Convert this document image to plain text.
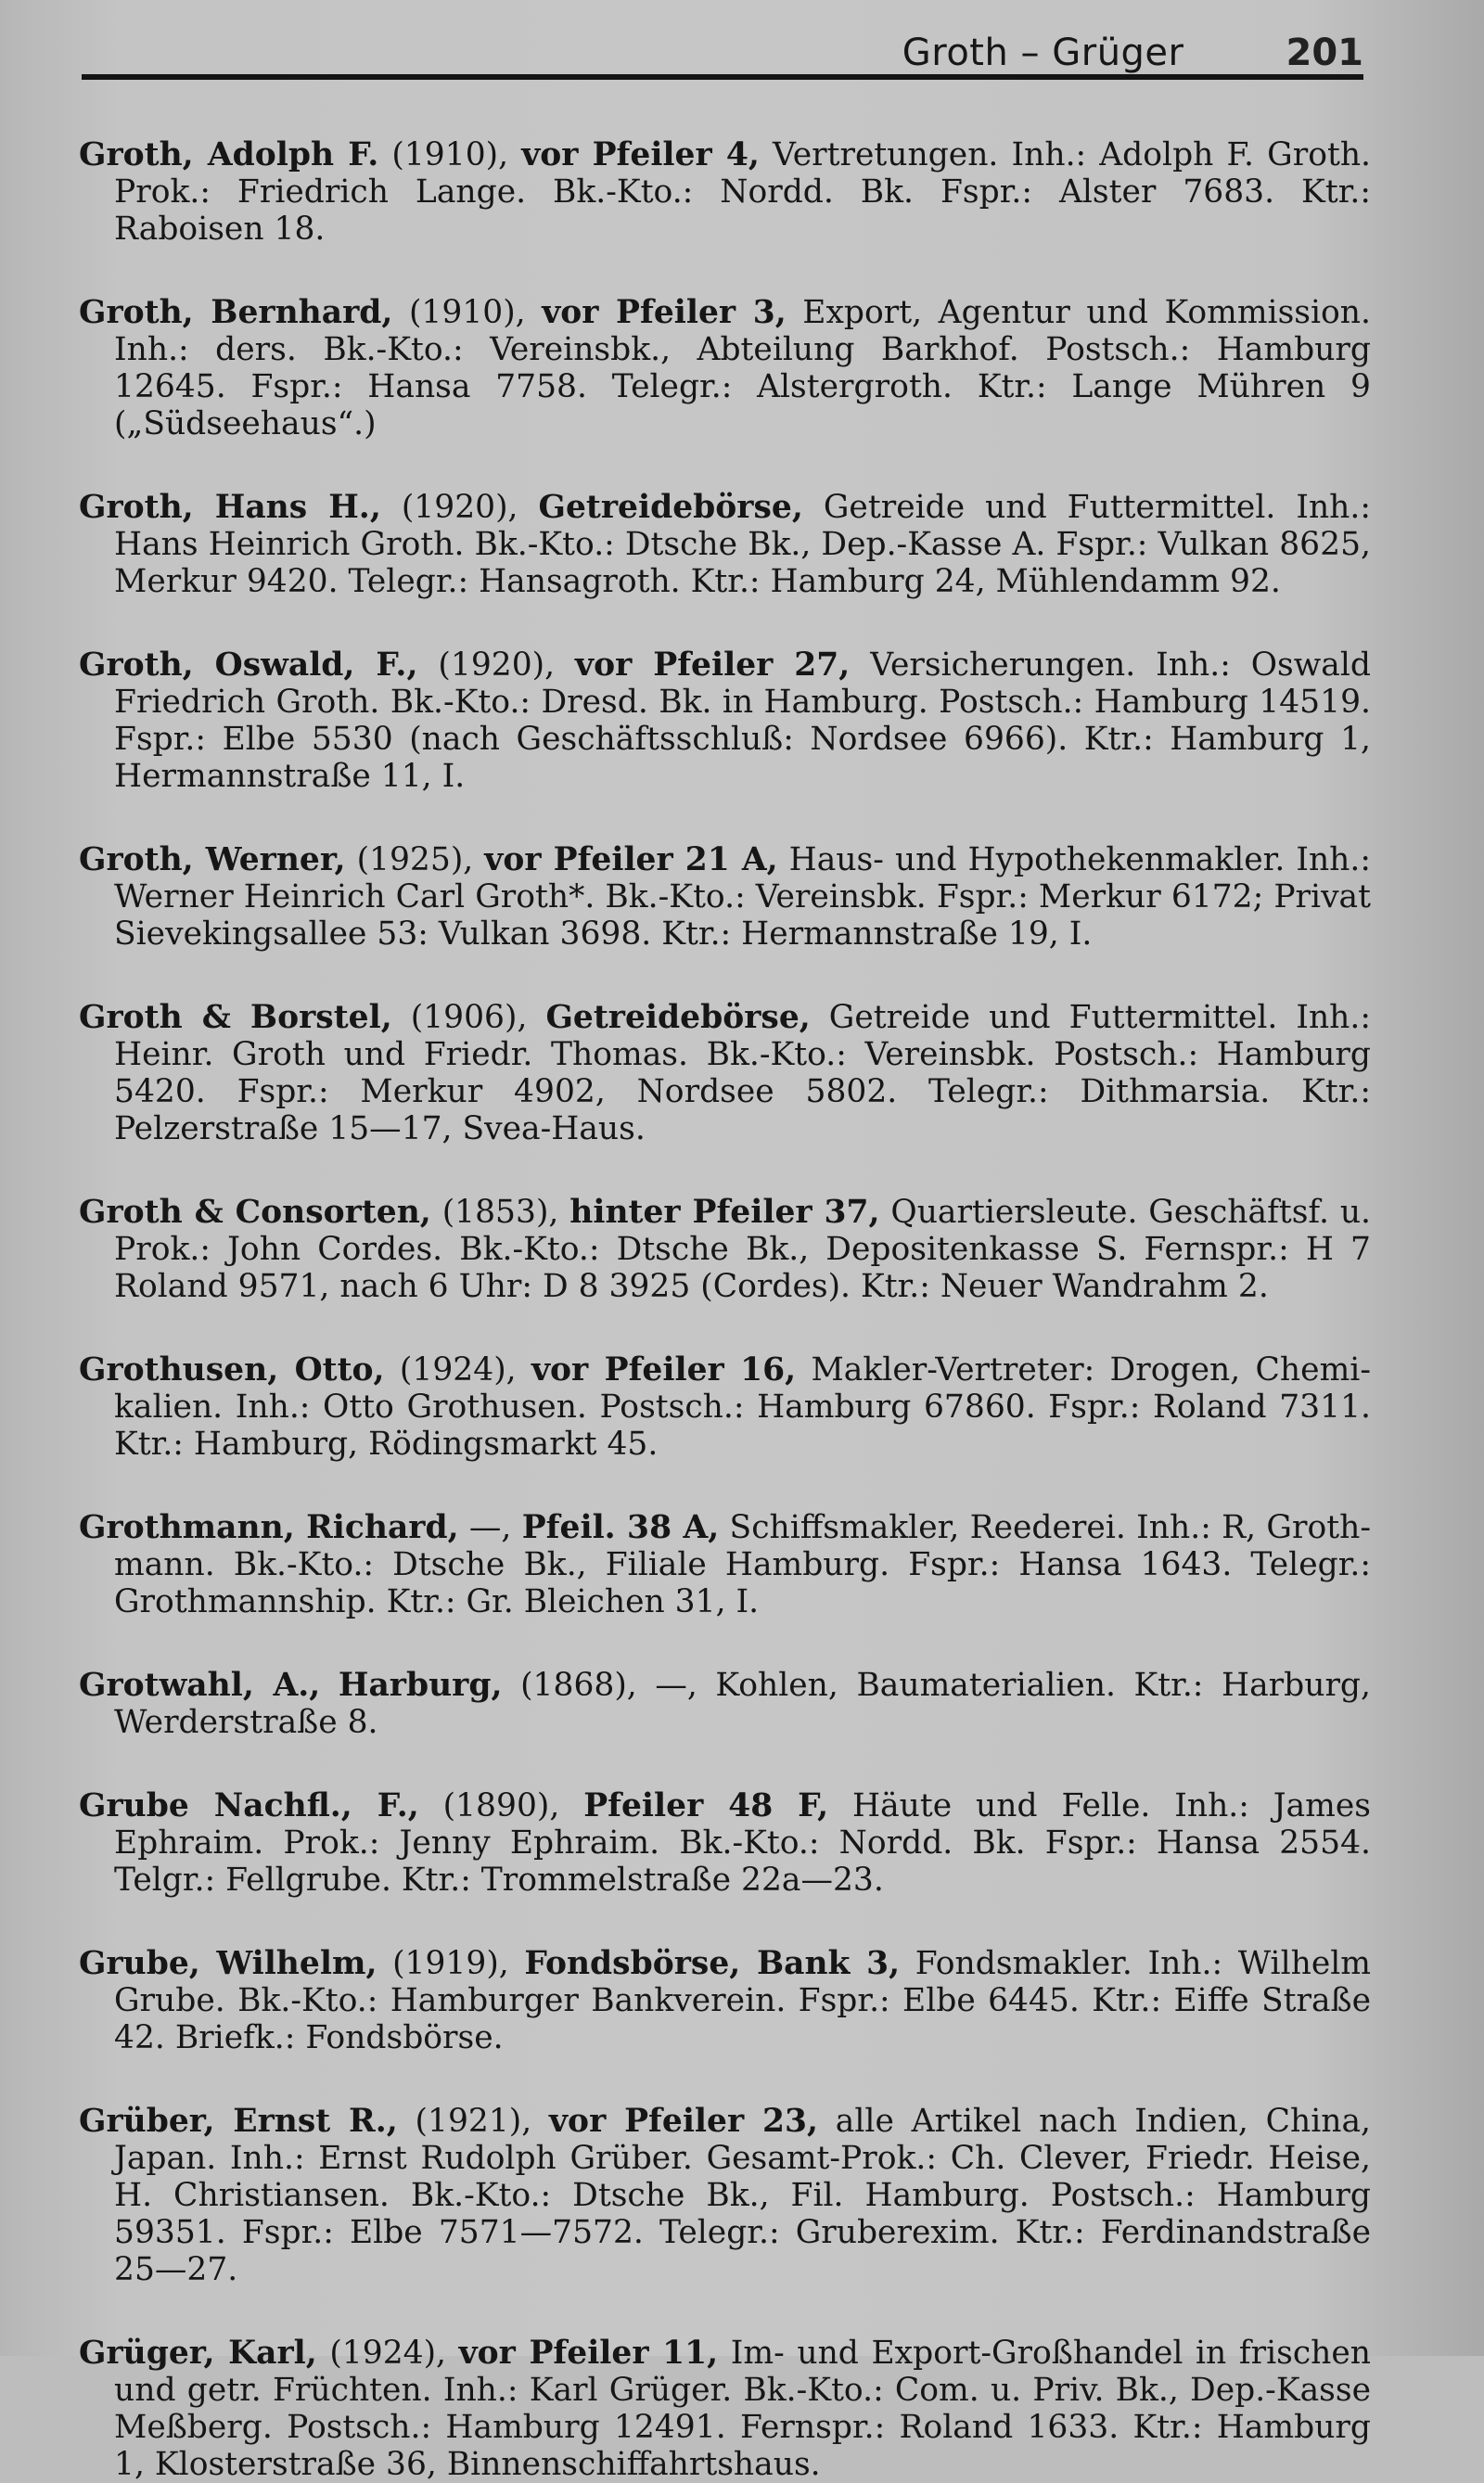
Groth – Grüger	201

Groth, Adolph F. (1910), vor Pfeiler 4, Vertretungen. Inh.: Adolph F. Groth. Prok.: Friedrich Lange. Bk.-Kto.: Nordd. Bk. Fspr.: Alster 7683. Ktr.: Raboisen 18.

Groth, Bernhard, (1910), vor Pfeiler 3, Export, Agentur und Kommission. Inh.: ders. Bk.-Kto.: Vereinsbk., Abteilung Barkhof. Postsch.: Hamburg 12645. Fspr.: Hansa 7758. Telegr.: Alstergroth. Ktr.: Lange Mühren 9 („Südseehaus“.)

Groth, Hans H., (1920), Getreidebörse, Getreide und Futtermittel. Inh.: Hans Heinrich Groth. Bk.-Kto.: Dtsche Bk., Dep.-Kasse A. Fspr.: Vulkan 8625, Merkur 9420. Telegr.: Hansagroth. Ktr.: Hamburg 24, Mühlendamm 92.

Groth, Oswald, F., (1920), vor Pfeiler 27, Versicherungen. Inh.: Oswald Friedrich Groth. Bk.-Kto.: Dresd. Bk. in Hamburg. Postsch.: Hamburg 14519. Fspr.: Elbe 5530 (nach Geschäftsschluß: Nordsee 6966). Ktr.: Hamburg 1, Hermannstraße 11, I.

Groth, Werner, (1925), vor Pfeiler 21 A, Haus- und Hypothekenmakler. Inh.: Werner Heinrich Carl Groth*. Bk.-Kto.: Vereinsbk. Fspr.: Merkur 6172; Privat Sievekingsallee 53: Vulkan 3698. Ktr.: Hermannstraße 19, I.

Groth & Borstel, (1906), Getreidebörse, Getreide und Futtermittel. Inh.: Heinr. Groth und Friedr. Thomas. Bk.-Kto.: Vereinsbk. Postsch.: Hamburg 5420. Fspr.: Merkur 4902, Nordsee 5802. Telegr.: Dithmarsia. Ktr.: Pelzerstraße 15—17, Svea-Haus.

Groth & Consorten, (1853), hinter Pfeiler 37, Quartiersleute. Geschäftsf. u. Prok.: John Cordes. Bk.-Kto.: Dtsche Bk., Depositenkasse S. Fernspr.: H 7 Roland 9571, nach 6 Uhr: D 8 3925 (Cordes). Ktr.: Neuer Wandrahm 2.

Grothusen, Otto, (1924), vor Pfeiler 16, Makler-Vertreter: Drogen, Chemikalien. Inh.: Otto Grothusen. Postsch.: Hamburg 67860. Fspr.: Roland 7311. Ktr.: Hamburg, Rödingsmarkt 45.

Grothmann, Richard, —, Pfeil. 38 A, Schiffsmakler, Reederei. Inh.: R, Grothmann. Bk.-Kto.: Dtsche Bk., Filiale Hamburg. Fspr.: Hansa 1643. Telegr.: Grothmannship. Ktr.: Gr. Bleichen 31, I.

Grotwahl, A., Harburg, (1868), —, Kohlen, Baumaterialien. Ktr.: Harburg, Werderstraße 8.

Grube Nachfl., F., (1890), Pfeiler 48 F, Häute und Felle. Inh.: James Ephraim. Prok.: Jenny Ephraim. Bk.-Kto.: Nordd. Bk. Fspr.: Hansa 2554. Telgr.: Fellgrube. Ktr.: Trommelstraße 22a—23.

Grube, Wilhelm, (1919), Fondsbörse, Bank 3, Fondsmakler. Inh.: Wilhelm Grube. Bk.-Kto.: Hamburger Bankverein. Fspr.: Elbe 6445. Ktr.: Eiffe Straße 42. Briefk.: Fondsbörse.

Grüber, Ernst R., (1921), vor Pfeiler 23, alle Artikel nach Indien, China, Japan. Inh.: Ernst Rudolph Grüber. Gesamt-Prok.: Ch. Clever, Friedr. Heise, H. Christiansen. Bk.-Kto.: Dtsche Bk., Fil. Hamburg. Postsch.: Hamburg 59351. Fspr.: Elbe 7571—7572. Telegr.: Gruberexim. Ktr.: Ferdinandstraße 25—27.

Grüger, Karl, (1924), vor Pfeiler 11, Im- und Export-Großhandel in frischen und getr. Früchten. Inh.: Karl Grüger. Bk.-Kto.: Com. u. Priv. Bk., Dep.-Kasse Meßberg. Postsch.: Hamburg 12491. Fernspr.: Roland 1633. Ktr.: Hamburg 1, Klosterstraße 36, Binnenschiffahrtshaus.
